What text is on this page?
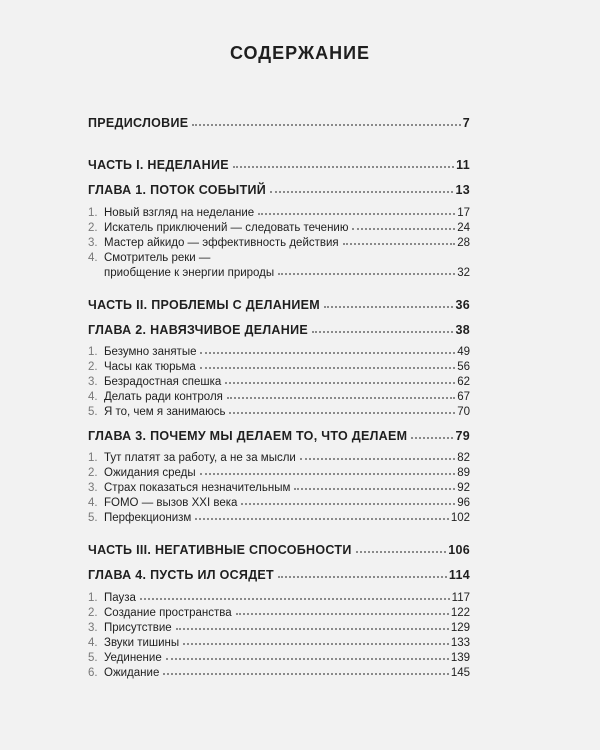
СОДЕРЖАНИЕ
ПРЕДИСЛОВИЕ	7
ЧАСТЬ I. НЕДЕЛАНИЕ	11
ГЛАВА 1. ПОТОК СОБЫТИЙ	13
1. Новый взгляд на неделание	17
2. Искатель приключений — следовать течению	24
3. Мастер айкидо — эффективность действия	28
4. Смотритель реки —
приобщение к энергии природы	32
ЧАСТЬ II. ПРОБЛЕМЫ С ДЕЛАНИЕМ	36
ГЛАВА 2. НАВЯЗЧИВОЕ ДЕЛАНИЕ	38
1. Безумно занятые	49
2. Часы как тюрьма	56
3. Безрадостная спешка	62
4. Делать ради контроля	67
5. Я то, чем я занимаюсь	70
ГЛАВА 3. ПОЧЕМУ МЫ ДЕЛАЕМ ТО, ЧТО ДЕЛАЕМ	79
1. Тут платят за работу, а не за мысли	82
2. Ожидания среды	89
3. Страх показаться незначительным	92
4. FOMO — вызов XXI века	96
5. Перфекционизм	102
ЧАСТЬ III. НЕГАТИВНЫЕ СПОСОБНОСТИ	106
ГЛАВА 4. ПУСТЬ ИЛ ОСЯДЕТ	114
1. Пауза	117
2. Создание пространства	122
3. Присутствие	129
4. Звуки тишины	133
5. Уединение	139
6. Ожидание	145
